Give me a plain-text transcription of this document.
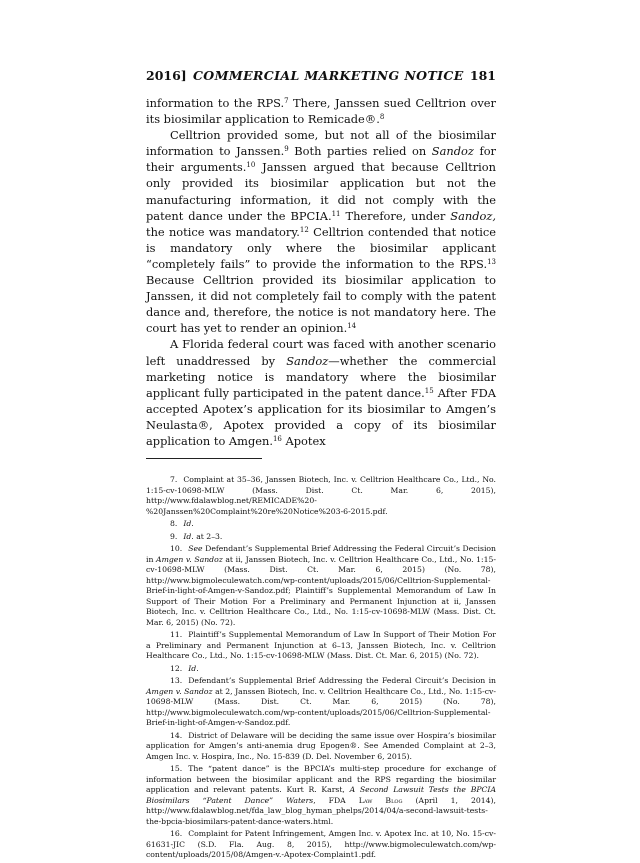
2016] COMMERCIAL MARKETING NOTICE 181

information to the RPS.$^7$ There, Janssen sued Celltrion over its biosimilar application to Remicade®.$^8$

Celltrion provided some, but not all of the biosimilar information to Janssen.$^9$ Both parties relied on Sandoz for their arguments.$^{10}$ Janssen argued that because Celltrion only provided its biosimilar application but not the manufacturing information, it did not comply with the patent dance under the BPCIA.$^{11}$ Therefore, under Sandoz, the notice was mandatory.$^{12}$ Celltrion contended that notice is mandatory only where the biosimilar applicant “completely fails” to provide the information to the RPS.$^{13}$ Because Celltrion provided its biosimilar application to Janssen, it did not completely fail to comply with the patent dance and, therefore, the notice is not mandatory here. The court has yet to render an opinion.$^{14}$

A Florida federal court was faced with another scenario left unaddressed by Sandoz—whether the commercial marketing notice is mandatory where the biosimilar applicant fully participated in the patent dance.$^{15}$ After FDA accepted Apotex’s application for its biosimilar to Amgen’s Neulasta®, Apotex provided a copy of its biosimilar application to Amgen.$^{16}$ Apotex

7. Complaint at 35–36, Janssen Biotech, Inc. v. Celltrion Healthcare Co., Ltd., No. 1:15-cv-10698-MLW (Mass. Dist. Ct. Mar. 6, 2015), http://www.fdalawblog.net/REMICADE%20-%20Janssen%20Complaint%20re%20Notice%203-6-2015.pdf.

8. Id.

9. Id. at 2–3.

10. See Defendant’s Supplemental Brief Addressing the Federal Circuit’s Decision in Amgen v. Sandoz at ii, Janssen Biotech, Inc. v. Celltrion Healthcare Co., Ltd., No. 1:15-cv-10698-MLW (Mass. Dist. Ct. Mar. 6, 2015) (No. 78), http://www.bigmoleculewatch.com/wp-content/uploads/2015/06/Celltrion-Supplemental-Brief-in-light-of-Amgen-v-Sandoz.pdf; Plaintiff’s Supplemental Memorandum of Law In Support of Their Motion For a Preliminary and Permanent Injunction at ii, Janssen Biotech, Inc. v. Celltrion Healthcare Co., Ltd., No. 1:15-cv-10698-MLW (Mass. Dist. Ct. Mar. 6, 2015) (No. 72).

11. Plaintiff’s Supplemental Memorandum of Law In Support of Their Motion For a Preliminary and Permanent Injunction at 6–13, Janssen Biotech, Inc. v. Celltrion Healthcare Co., Ltd., No. 1:15-cv-10698-MLW (Mass. Dist. Ct. Mar. 6, 2015) (No. 72).

12. Id.

13. Defendant’s Supplemental Brief Addressing the Federal Circuit’s Decision in Amgen v. Sandoz at 2, Janssen Biotech, Inc. v. Celltrion Healthcare Co., Ltd., No. 1:15-cv-10698-MLW (Mass. Dist. Ct. Mar. 6, 2015) (No. 78), http://www.bigmoleculewatch.com/wp-content/uploads/2015/06/Celltrion-Supplemental-Brief-in-light-of-Amgen-v-Sandoz.pdf.

14. District of Delaware will be deciding the same issue over Hospira’s biosimilar application for Amgen’s anti-anemia drug Epogen®. See Amended Complaint at 2–3, Amgen Inc. v. Hospira, Inc., No. 15-839 (D. Del. November 6, 2015).

15. The “patent dance” is the BPCIA’s multi-step procedure for exchange of information between the biosimilar applicant and the RPS regarding the biosimilar application and relevant patents. Kurt R. Karst, A Second Lawsuit Tests the BPCIA Biosimilars “Patent Dance” Waters, FDA Law Blog (April 1, 2014), http://www.fdalawblog.net/fda_law_blog_hyman_phelps/2014/04/a-second-lawsuit-tests-the-bpcia-biosimilars-patent-dance-waters.html.

16. Complaint for Patent Infringement, Amgen Inc. v. Apotex Inc. at 10, No. 15-cv-61631-JIC (S.D. Fla. Aug. 8, 2015), http://www.bigmoleculewatch.com/wp-content/uploads/2015/08/Amgen-v.-Apotex-Complaint1.pdf.
